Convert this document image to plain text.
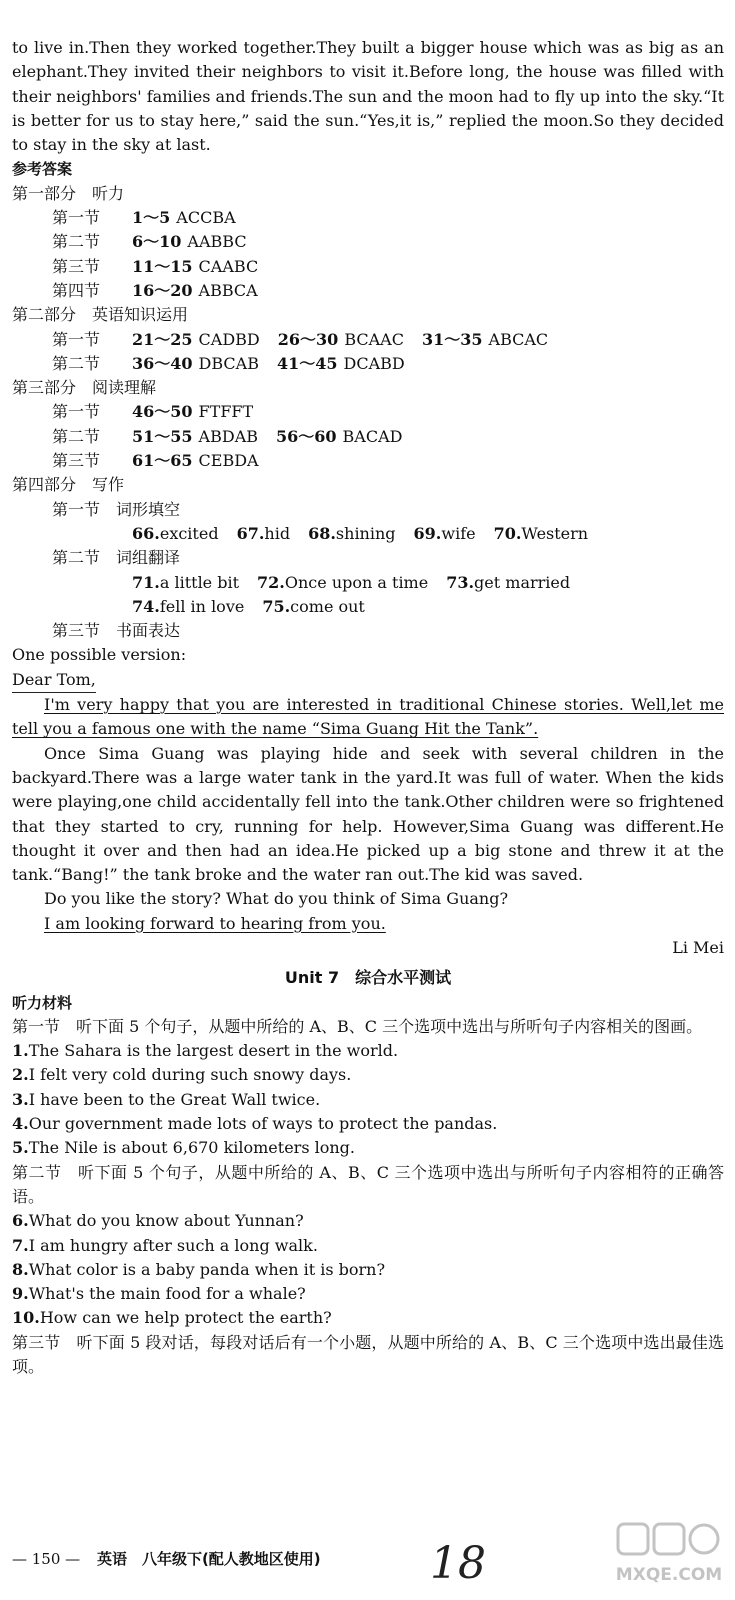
to live in.Then they worked together.They built a bigger house which was as big as an elephant.They invited their neighbors to visit it.Before long, the house was filled with their neighbors' families and friends.The sun and the moon had to fly up into the sky.“It is better for us to stay here,” said the sun.“Yes,it is,” replied the moon.So they decided to stay in the sky at last.

参考答案
第一部分　听力
第一节 1～5 ACCBA
第二节 6～10 AABBC
第三节 11～15 CAABC
第四节 16～20 ABBCA
第二部分　英语知识运用
第一节 21～25 CADBD 26～30 BCAAC 31～35 ABCAC
第二节 36～40 DBCAB 41～45 DCABD
第三部分　阅读理解
第一节 46～50 FTFFT
第二节 51～55 ABDAB 56～60 BACAD
第三节 61～65 CEBDA
第四部分　写作
第一节　词形填空
66.excited 67.hid 68.shining 69.wife 70.Western
第二节　词组翻译
71.a little bit 72.Once upon a time 73.get married
74.fell in love 75.come out
第三节　书面表达
One possible version:
Dear Tom,

I'm very happy that you are interested in traditional Chinese stories. Well,let me tell you a famous one with the name “Sima Guang Hit the Tank”.

Once Sima Guang was playing hide and seek with several children in the backyard.There was a large water tank in the yard.It was full of water. When the kids were playing,one child accidentally fell into the tank.Other children were so frightened that they started to cry, running for help. However,Sima Guang was different.He thought it over and then had an idea.He picked up a big stone and threw it at the tank.“Bang!” the tank broke and the water ran out.The kid was saved.

Do you like the story? What do you think of Sima Guang?

I am looking forward to hearing from you.

Li Mei
Unit 7　综合水平测试
听力材料

第一节　听下面 5 个句子，从题中所给的 A、B、C 三个选项中选出与所听句子内容相关的图画。

1.The Sahara is the largest desert in the world.
2.I felt very cold during such snowy days.
3.I have been to the Great Wall twice.
4.Our government made lots of ways to protect the pandas.
5.The Nile is about 6,670 kilometers long.

第二节　听下面 5 个句子，从题中所给的 A、B、C 三个选项中选出与所听句子内容相符的正确答语。

6.What do you know about Yunnan?
7.I am hungry after such a long walk.
8.What color is a baby panda when it is born?
9.What's the main food for a whale?
10.How can we help protect the earth?

第三节　听下面 5 段对话，每段对话后有一个小题，从题中所给的 A、B、C 三个选项中选出最佳选项。

— 150 — 英语　八年级下(配人教地区使用) 18	MXQE.COM
